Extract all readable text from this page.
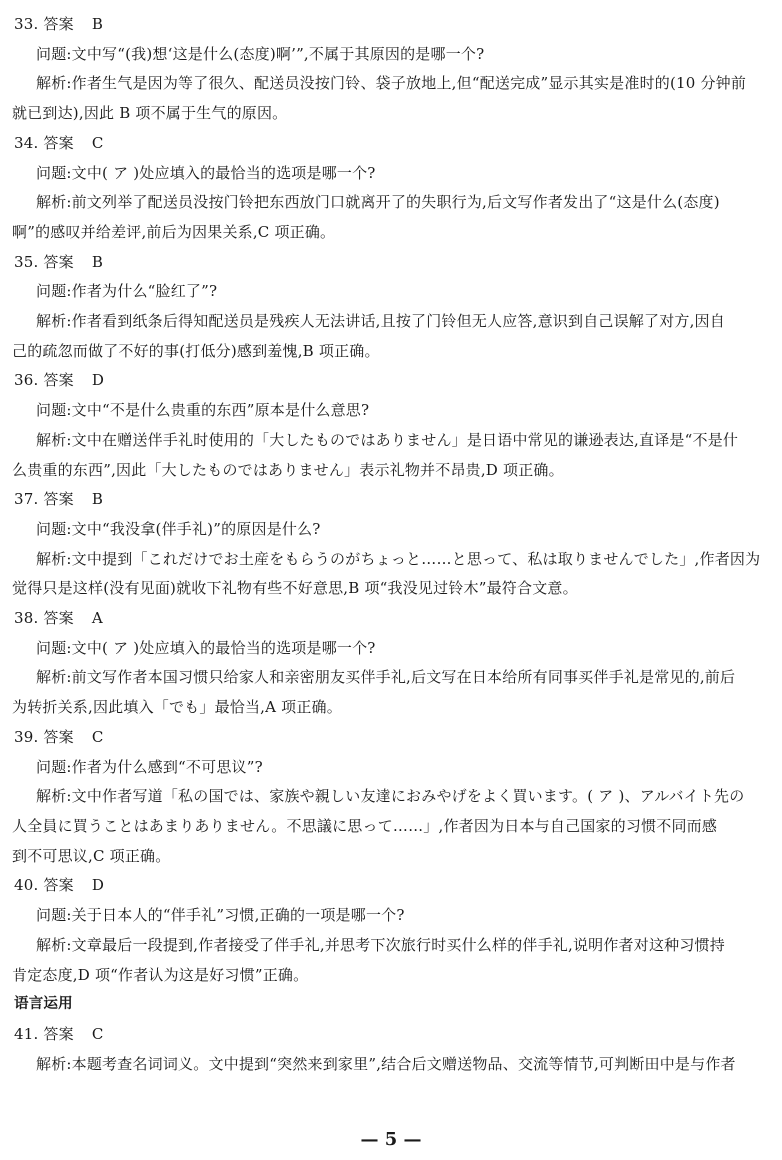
33. 答案 B

问题:文中写“(我)想‘这是什么(态度)啊’”,不属于其原因的是哪一个?

解析:作者生气是因为等了很久、配送员没按门铃、袋子放地上,但“配送完成”显示其实是准时的(10 分钟前
就已到达),因此 B 项不属于生气的原因。

34. 答案 C

问题:文中( ア )处应填入的最恰当的选项是哪一个?

解析:前文列举了配送员没按门铃把东西放门口就离开了的失职行为,后文写作者发出了“这是什么(态度)
啊”的感叹并给差评,前后为因果关系,C 项正确。

35. 答案 B

问题:作者为什么“脸红了”?

解析:作者看到纸条后得知配送员是残疾人无法讲话,且按了门铃但无人应答,意识到自己误解了对方,因自
己的疏忽而做了不好的事(打低分)感到羞愧,B 项正确。

36. 答案 D

问题:文中“不是什么贵重的东西”原本是什么意思?

解析:文中在赠送伴手礼时使用的「大したものではありません」是日语中常见的谦逊表达,直译是“不是什
么贵重的东西”,因此「大したものではありません」表示礼物并不昂贵,D 项正确。

37. 答案 B

问题:文中“我没拿(伴手礼)”的原因是什么?

解析:文中提到「これだけでお土産をもらうのがちょっと……と思って、私は取りませんでした」,作者因为
觉得只是这样(没有见面)就收下礼物有些不好意思,B 项“我没见过铃木”最符合文意。

38. 答案 A

问题:文中( ア )处应填入的最恰当的选项是哪一个?

解析:前文写作者本国习惯只给家人和亲密朋友买伴手礼,后文写在日本给所有同事买伴手礼是常见的,前后
为转折关系,因此填入「でも」最恰当,A 项正确。

39. 答案 C

问题:作者为什么感到“不可思议”?

解析:文中作者写道「私の国では、家族や親しい友達におみやげをよく買います。( ア )、アルバイト先の
人全員に買うことはあまりありません。不思議に思って……」,作者因为日本与自己国家的习惯不同而感
到不可思议,C 项正确。

40. 答案 D

问题:关于日本人的“伴手礼”习惯,正确的一项是哪一个?

解析:文章最后一段提到,作者接受了伴手礼,并思考下次旅行时买什么样的伴手礼,说明作者对这种习惯持
肯定态度,D 项“作者认为这是好习惯”正确。

语言运用

41. 答案 C

解析:本题考查名词词义。文中提到“突然来到家里”,结合后文赠送物品、交流等情节,可判断田中是与作者

— 5 —
